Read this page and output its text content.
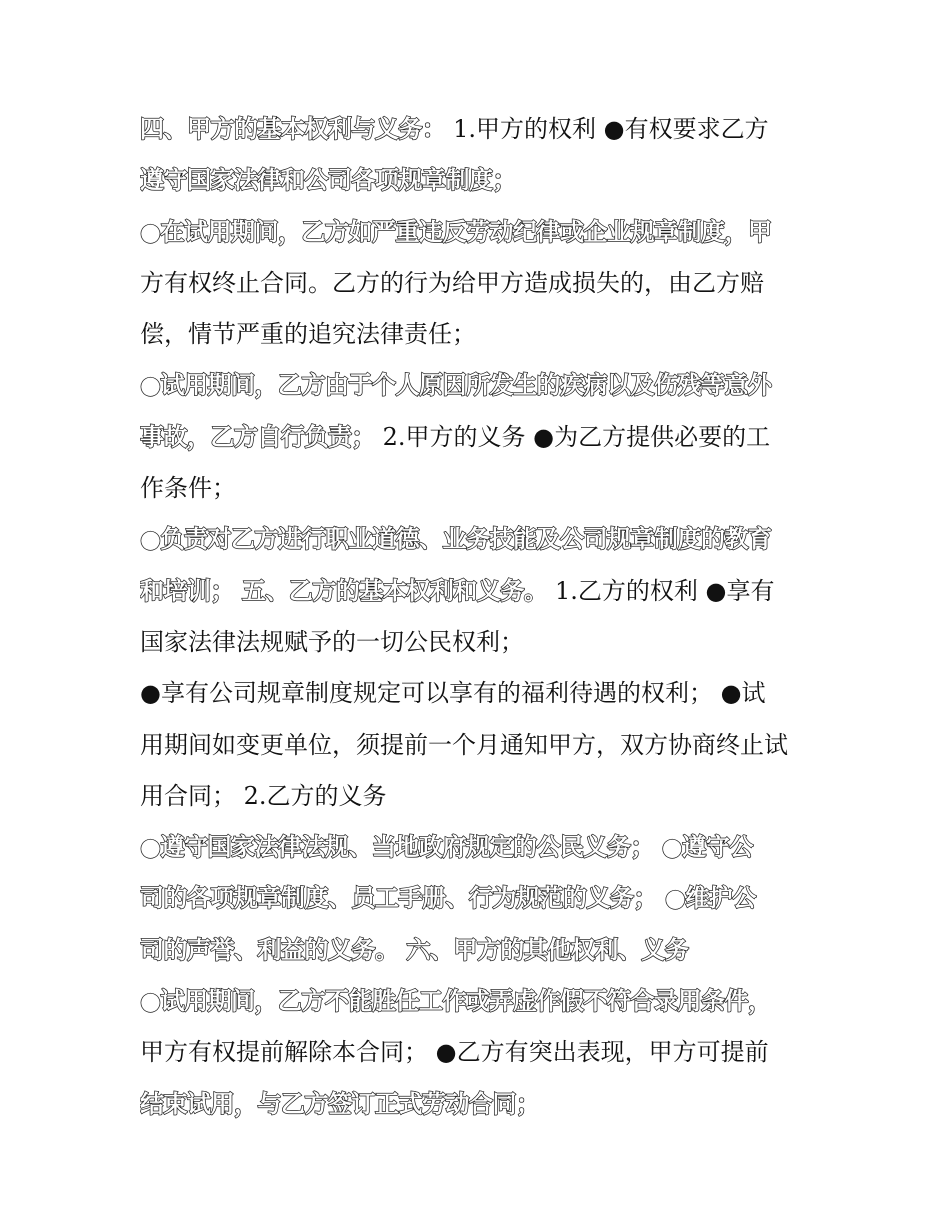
四、甲方的基本权利与义务： 1.甲方的权利 ●有权要求乙方
遵守国家法律和公司各项规章制度；
●在试用期间，乙方如严重违反劳动纪律或企业规章制度，甲
方有权终止合同。乙方的行为给甲方造成损失的，由乙方赔
偿，情节严重的追究法律责任；
●试用期间，乙方由于个人原因所发生的疾病以及伤残等意外
事故，乙方自行负责； 2.甲方的义务 ●为乙方提供必要的工
作条件；
●负责对乙方进行职业道德、业务技能及公司规章制度的教育
和培训； 五、乙方的基本权利和义务。 1.乙方的权利 ●享有
国家法律法规赋予的一切公民权利；
●享有公司规章制度规定可以享有的福利待遇的权利； ●试
用期间如变更单位，须提前一个月通知甲方，双方协商终止试
用合同； 2.乙方的义务
●遵守国家法律法规、当地政府规定的公民义务； ●遵守公
司的各项规章制度、员工手册、行为规范的义务； ●维护公
司的声誉、利益的义务。 六、甲方的其他权利、义务
●试用期间，乙方不能胜任工作或弄虚作假不符合录用条件，
甲方有权提前解除本合同； ●乙方有突出表现，甲方可提前
结束试用，与乙方签订正式劳动合同；
